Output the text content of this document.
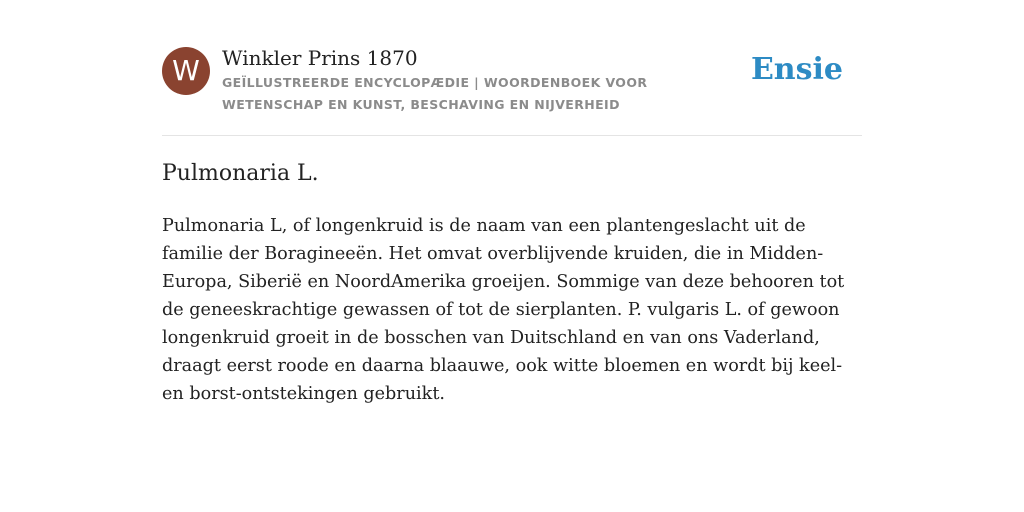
W	Winkler Prins 1870
GEÏLLUSTREERDE ENCYCLOPÆDIE | WOORDENBOEK VOOR WETENSCHAP EN KUNST, BESCHAVING EN NIJVERHEID
Ensie
Pulmonaria L.

Pulmonaria L, of longenkruid is de naam van een plantengeslacht uit de familie der Boragineeën. Het omvat overblijvende kruiden, die in Midden-Europa, Siberië en NoordAmerika groeijen. Sommige van deze behooren tot de geneeskrachtige gewassen of tot de sierplanten. P. vulgaris L. of gewoon longenkruid groeit in de bosschen van Duitschland en van ons Vaderland, draagt eerst roode en daarna blaauwe, ook witte bloemen en wordt bij keel- en borst-ontstekingen gebruikt.
